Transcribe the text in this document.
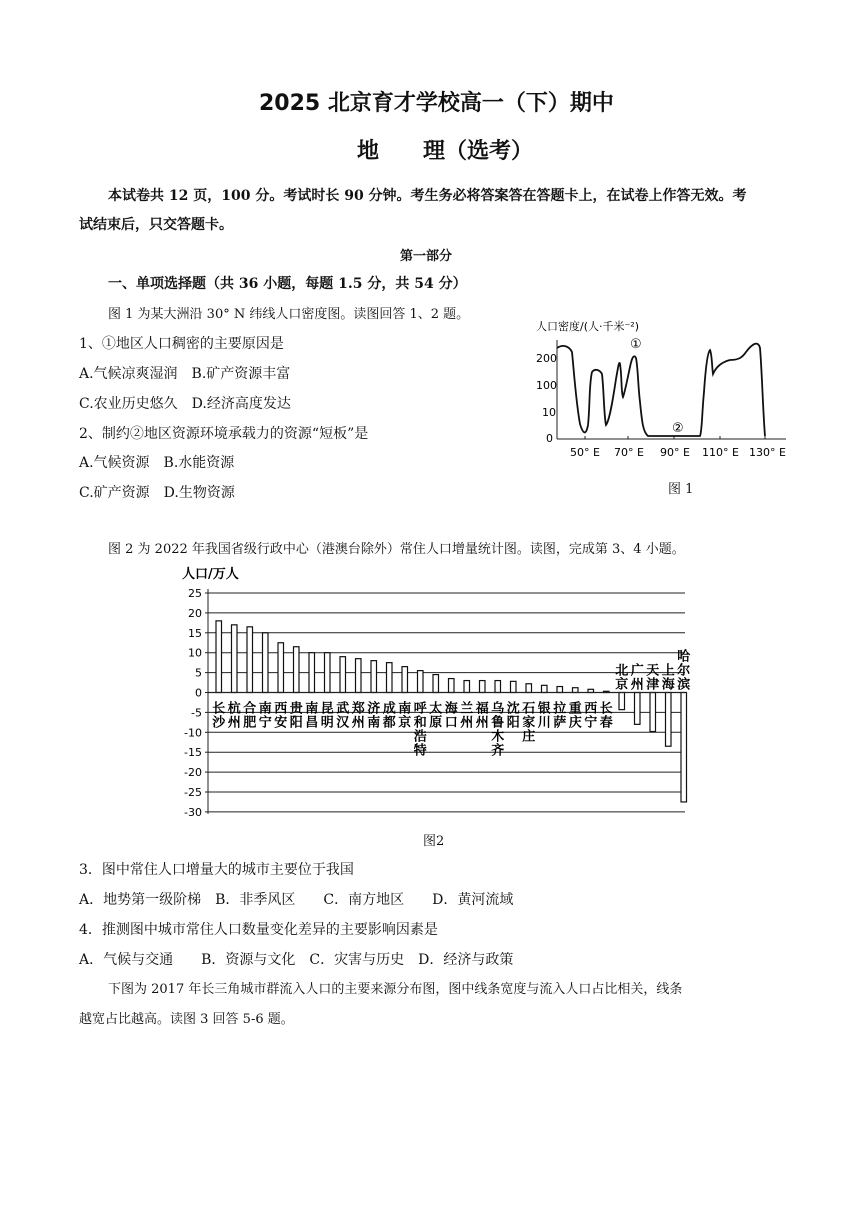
2025 北京育才学校高一（下）期中
地　　理（选考）
本试卷共 12 页，100 分。考试时长 90 分钟。考生务必将答案答在答题卡上，在试卷上作答无效。考
试结束后，只交答题卡。
第一部分
一、单项选择题（共 36 小题，每题 1.5 分，共 54 分）
图 1 为某大洲沿 30° N 纬线人口密度图。读图回答 1、2 题。
1、①地区人口稠密的主要原因是
A.气候凉爽湿润　B.矿产资源丰富
C.农业历史悠久　D.经济高度发达
2、制约②地区资源环境承载力的资源“短板”是
A.气候资源　B.水能资源
C.矿产资源　D.生物资源
人口密度/(人·千米⁻²)
200
100
10
0
50° E 70° E 90° E 110° E 130° E
①
②
图 1
图 2 为 2022 年我国省级行政中心（港澳台除外）常住人口增量统计图。读图，完成第 3、4 小题。
人口/万人
25
20
15
10
5
0
-5
-10
-15
-20
-25
-30
长沙
杭州
合肥
南宁
西安
贵阳
南昌
昆明
武汉
郑州
济南
成都
南京
呼和浩特
太原
海口
兰州
福州
乌鲁木齐
沈阳
石家庄
银川
拉萨
重庆
西宁
长春
北京
广州
天津
上海
哈尔滨
图2
3．图中常住人口增量大的城市主要位于我国
A．地势第一级阶梯　B．非季风区　　C．南方地区　　D．黄河流域
4．推测图中城市常住人口数量变化差异的主要影响因素是
A．气候与交通　　B．资源与文化　C．灾害与历史　D．经济与政策
下图为 2017 年长三角城市群流入人口的主要来源分布图，图中线条宽度与流入人口占比相关，线条
越宽占比越高。读图 3 回答 5-6 题。
